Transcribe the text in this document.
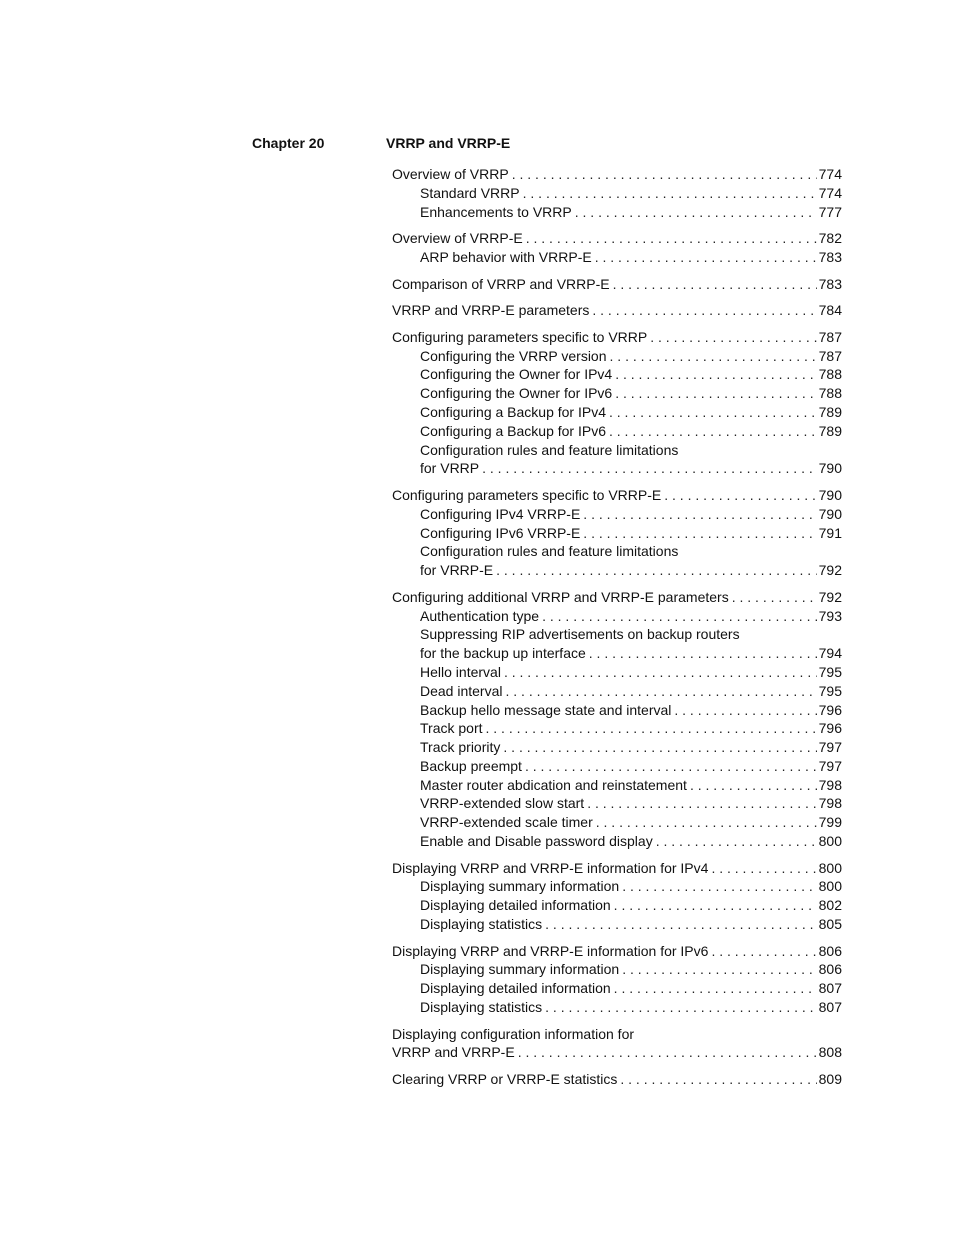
Chapter 20	VRRP and VRRP-E
Overview of VRRP . . .	774
Standard VRRP . . .	774
Enhancements to VRRP . . .	777
Overview of VRRP-E . . .	782
ARP behavior with VRRP-E . . .	783
Comparison of VRRP and VRRP-E . . .	783
VRRP and VRRP-E parameters . . .	784
Configuring parameters specific to VRRP . . .	787
Configuring the VRRP version . . .	787
Configuring the Owner for IPv4 . . .	788
Configuring the Owner for IPv6 . . .	788
Configuring a Backup for IPv4 . . .	789
Configuring a Backup for IPv6 . . .	789
Configuration rules and feature limitations
for VRRP . . .	790
Configuring parameters specific to VRRP-E . . .	790
Configuring IPv4 VRRP-E . . .	790
Configuring IPv6 VRRP-E . . .	791
Configuration rules and feature limitations
for VRRP-E . . .	792
Configuring additional VRRP and VRRP-E parameters . . .	792
Authentication type . . .	793
Suppressing RIP advertisements on backup routers
for the backup up interface . . .	794
Hello interval . . .	795
Dead interval . . .	795
Backup hello message state and interval . . .	796
Track port . . .	796
Track priority . . .	797
Backup preempt . . .	797
Master router abdication and reinstatement . . .	798
VRRP-extended slow start . . .	798
VRRP-extended scale timer . . .	799
Enable and Disable password display . . .	800
Displaying VRRP and VRRP-E information for IPv4 . . .	800
Displaying summary information . . .	800
Displaying detailed information . . .	802
Displaying statistics . . .	805
Displaying VRRP and VRRP-E information for IPv6 . . .	806
Displaying summary information . . .	806
Displaying detailed information . . .	807
Displaying statistics . . .	807
Displaying configuration information for
VRRP and VRRP-E . . .	808
Clearing VRRP or VRRP-E statistics . . .	809
